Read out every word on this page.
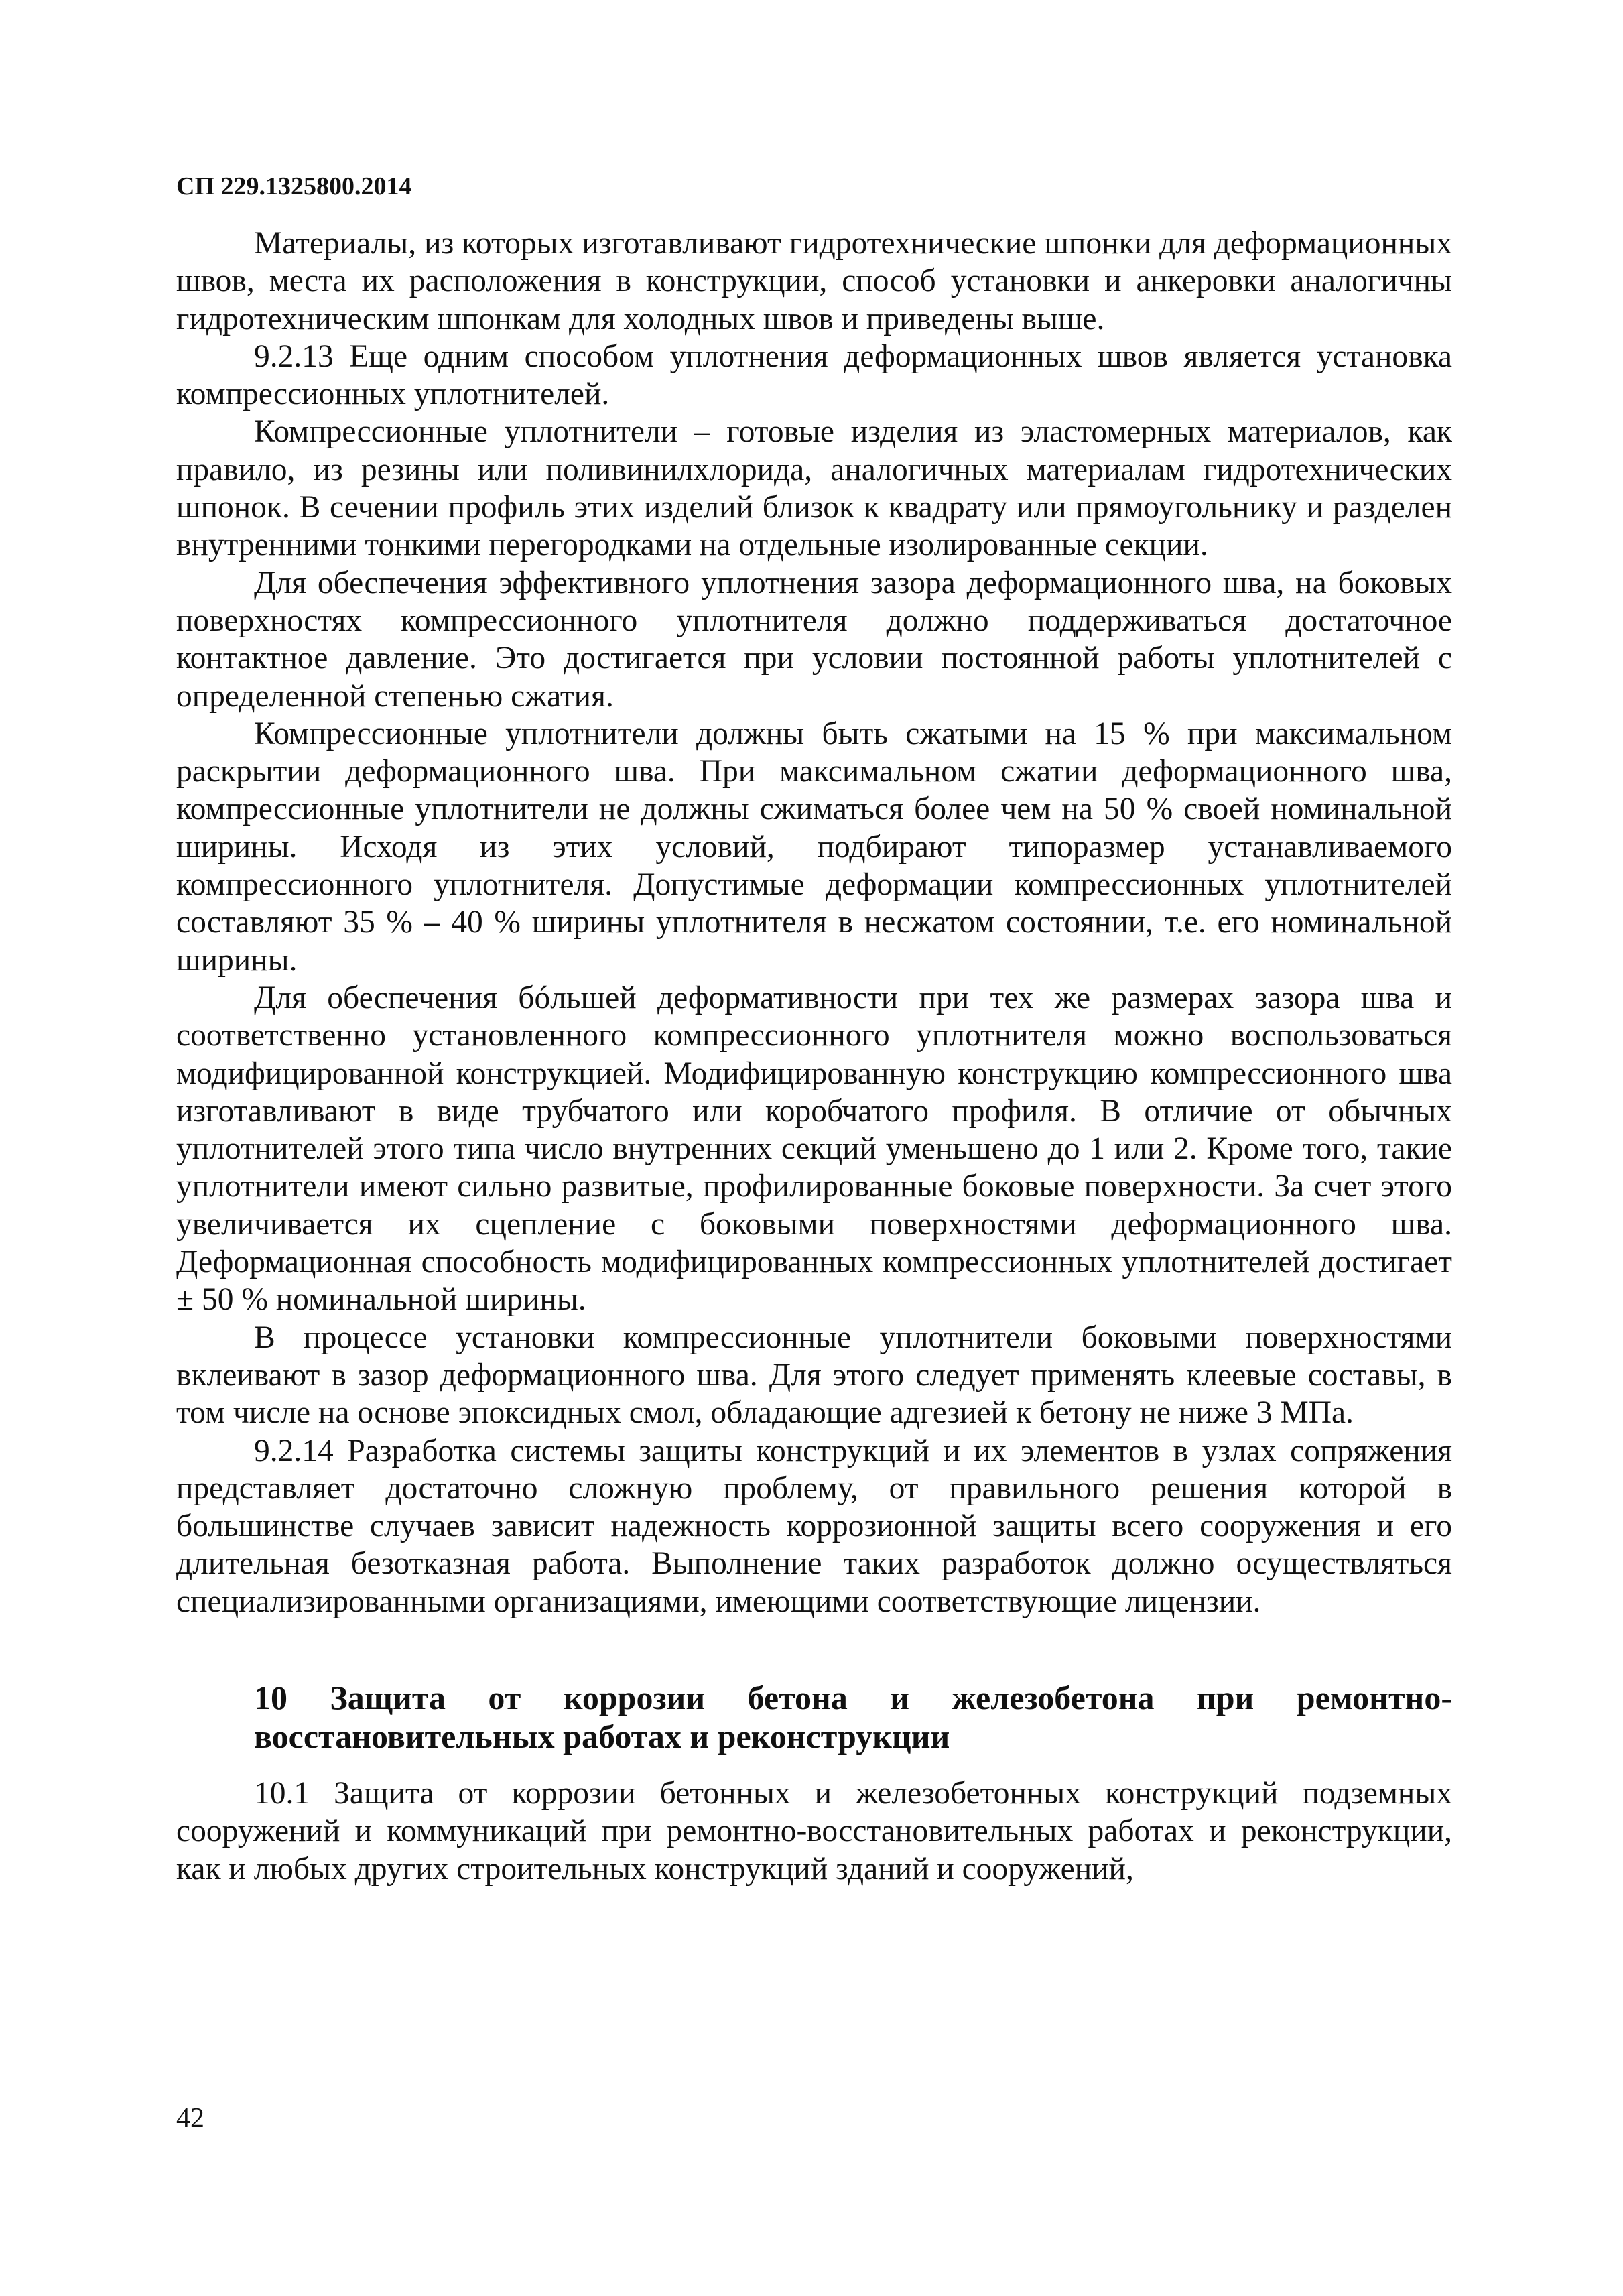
СП 229.1325800.2014

Материалы, из которых изготавливают гидротехнические шпонки для деформационных швов, места их расположения в конструкции, способ установки и анкеровки аналогичны гидротехническим шпонкам для холодных швов и приведены выше.

9.2.13 Еще одним способом уплотнения деформационных швов является установка компрессионных уплотнителей.

Компрессионные уплотнители – готовые изделия из эластомерных материалов, как правило, из резины или поливинилхлорида, аналогичных материалам гидротехнических шпонок. В сечении профиль этих изделий близок к квадрату или прямоугольнику и разделен внутренними тонкими перегородками на отдельные изолированные секции.

Для обеспечения эффективного уплотнения зазора деформационного шва, на боковых поверхностях компрессионного уплотнителя должно поддерживаться достаточное контактное давление. Это достигается при условии постоянной работы уплотнителей с определенной степенью сжатия.

Компрессионные уплотнители должны быть сжатыми на 15 % при максимальном раскрытии деформационного шва. При максимальном сжатии деформационного шва, компрессионные уплотнители не должны сжиматься более чем на 50 % своей номинальной ширины. Исходя из этих условий, подбирают типоразмер устанавливаемого компрессионного уплотнителя. Допустимые деформации компрессионных уплотнителей составляют 35 % – 40 % ширины уплотнителя в несжатом состоянии, т.е. его номинальной ширины.

Для обеспечения бóльшей деформативности при тех же размерах зазора шва и соответственно установленного компрессионного уплотнителя можно воспользоваться модифицированной конструкцией. Модифицированную конструкцию компрессионного шва изготавливают в виде трубчатого или коробчатого профиля. В отличие от обычных уплотнителей этого типа число внутренних секций уменьшено до 1 или 2. Кроме того, такие уплотнители имеют сильно развитые, профилированные боковые поверхности. За счет этого увеличивается их сцепление с боковыми поверхностями деформационного шва. Деформационная способность модифицированных компрессионных уплотнителей достигает ± 50 % номинальной ширины.

В процессе установки компрессионные уплотнители боковыми поверхностями вклеивают в зазор деформационного шва. Для этого следует применять клеевые составы, в том числе на основе эпоксидных смол, обладающие адгезией к бетону не ниже 3 МПа.

9.2.14 Разработка системы защиты конструкций и их элементов в узлах сопряжения представляет достаточно сложную проблему, от правильного решения которой в большинстве случаев зависит надежность коррозионной защиты всего сооружения и его длительная безотказная работа. Выполнение таких разработок должно осуществляться специализированными организациями, имеющими соответствующие лицензии.

10 Защита от коррозии бетона и железобетона при ремонтно-восстановительных работах и реконструкции

10.1 Защита от коррозии бетонных и железобетонных конструкций подземных сооружений и коммуникаций при ремонтно-восстановительных работах и реконструкции, как и любых других строительных конструкций зданий и сооружений,

42
